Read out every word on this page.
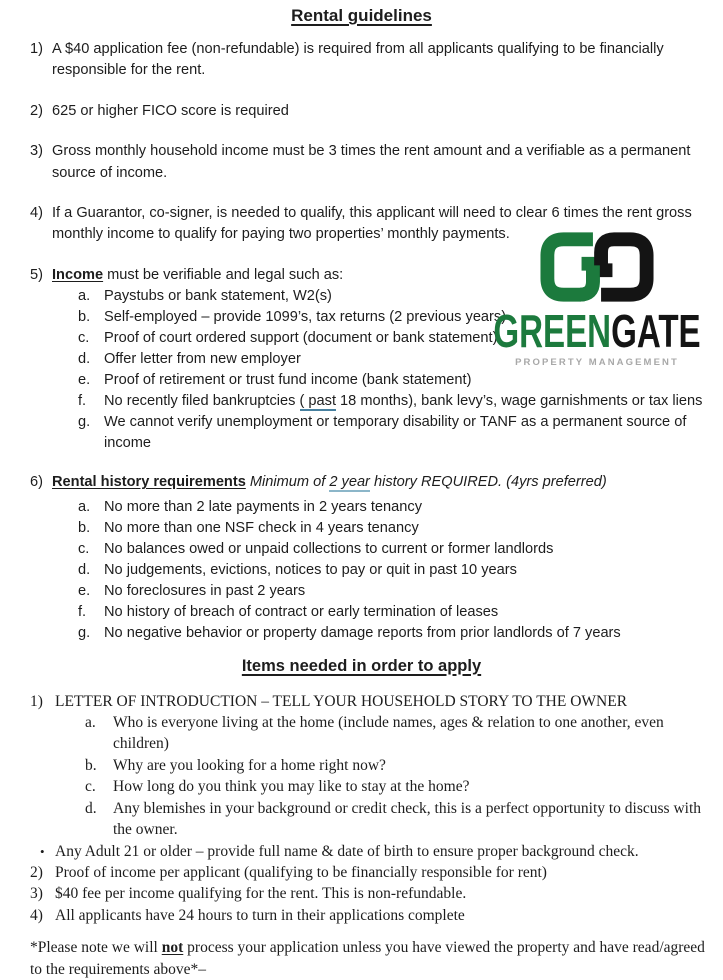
Rental guidelines
1) A $40 application fee (non-refundable) is required from all applicants qualifying to be financially responsible for the rent.
2) 625 or higher FICO score is required
3) Gross monthly household income must be 3 times the rent amount and a verifiable as a permanent source of income.
4) If a Guarantor, co-signer, is needed to qualify, this applicant will need to clear 6 times the rent gross monthly income to qualify for paying two properties’ monthly payments.
5) Income must be verifiable and legal such as:
a. Paystubs or bank statement, W2(s)
b. Self-employed – provide 1099’s, tax returns (2 previous years)
c.	Proof of court ordered support (document or bank statement)
d. Offer letter from new employer
e. Proof of retirement or trust fund income (bank statement)
f.	No recently filed bankruptcies ( past 18 months), bank levy’s, wage garnishments or tax liens
g. We cannot verify unemployment or temporary disability or TANF as a permanent source of income
6) Rental history requirements Minimum of 2 year history REQUIRED. (4yrs preferred)
a. No more than 2 late payments in 2 years tenancy
b. No more than one NSF check in 4 years tenancy
c.	No balances owed or unpaid collections to current or former landlords
d. No judgements, evictions, notices to pay or quit in past 10 years
e. No foreclosures in past 2 years
f.	No history of breach of contract or early termination of leases
g. No negative behavior or property damage reports from prior landlords of 7 years
Items needed in order to apply
1) LETTER OF INTRODUCTION – TELL YOUR HOUSEHOLD STORY TO THE OWNER
a.	Who is everyone living at the home (include names, ages & relation to one another, even children)
b.	Why are you looking for a home right now?
c.	How long do you think you may like to stay at the home?
d.	Any blemishes in your background or credit check, this is a perfect opportunity to discuss with the owner.
• Any Adult 21 or older – provide full name & date of birth to ensure proper background check.
2) Proof of income per applicant (qualifying to be financially responsible for rent)
3) $40 fee per income qualifying for the rent. This is non-refundable.
4) All applicants have 24 hours to turn in their applications complete
*Please note we will not process your application unless you have viewed the property and have read/agreed to the requirements above*–
GREENGATE
PROPERTY MANAGEMENT
